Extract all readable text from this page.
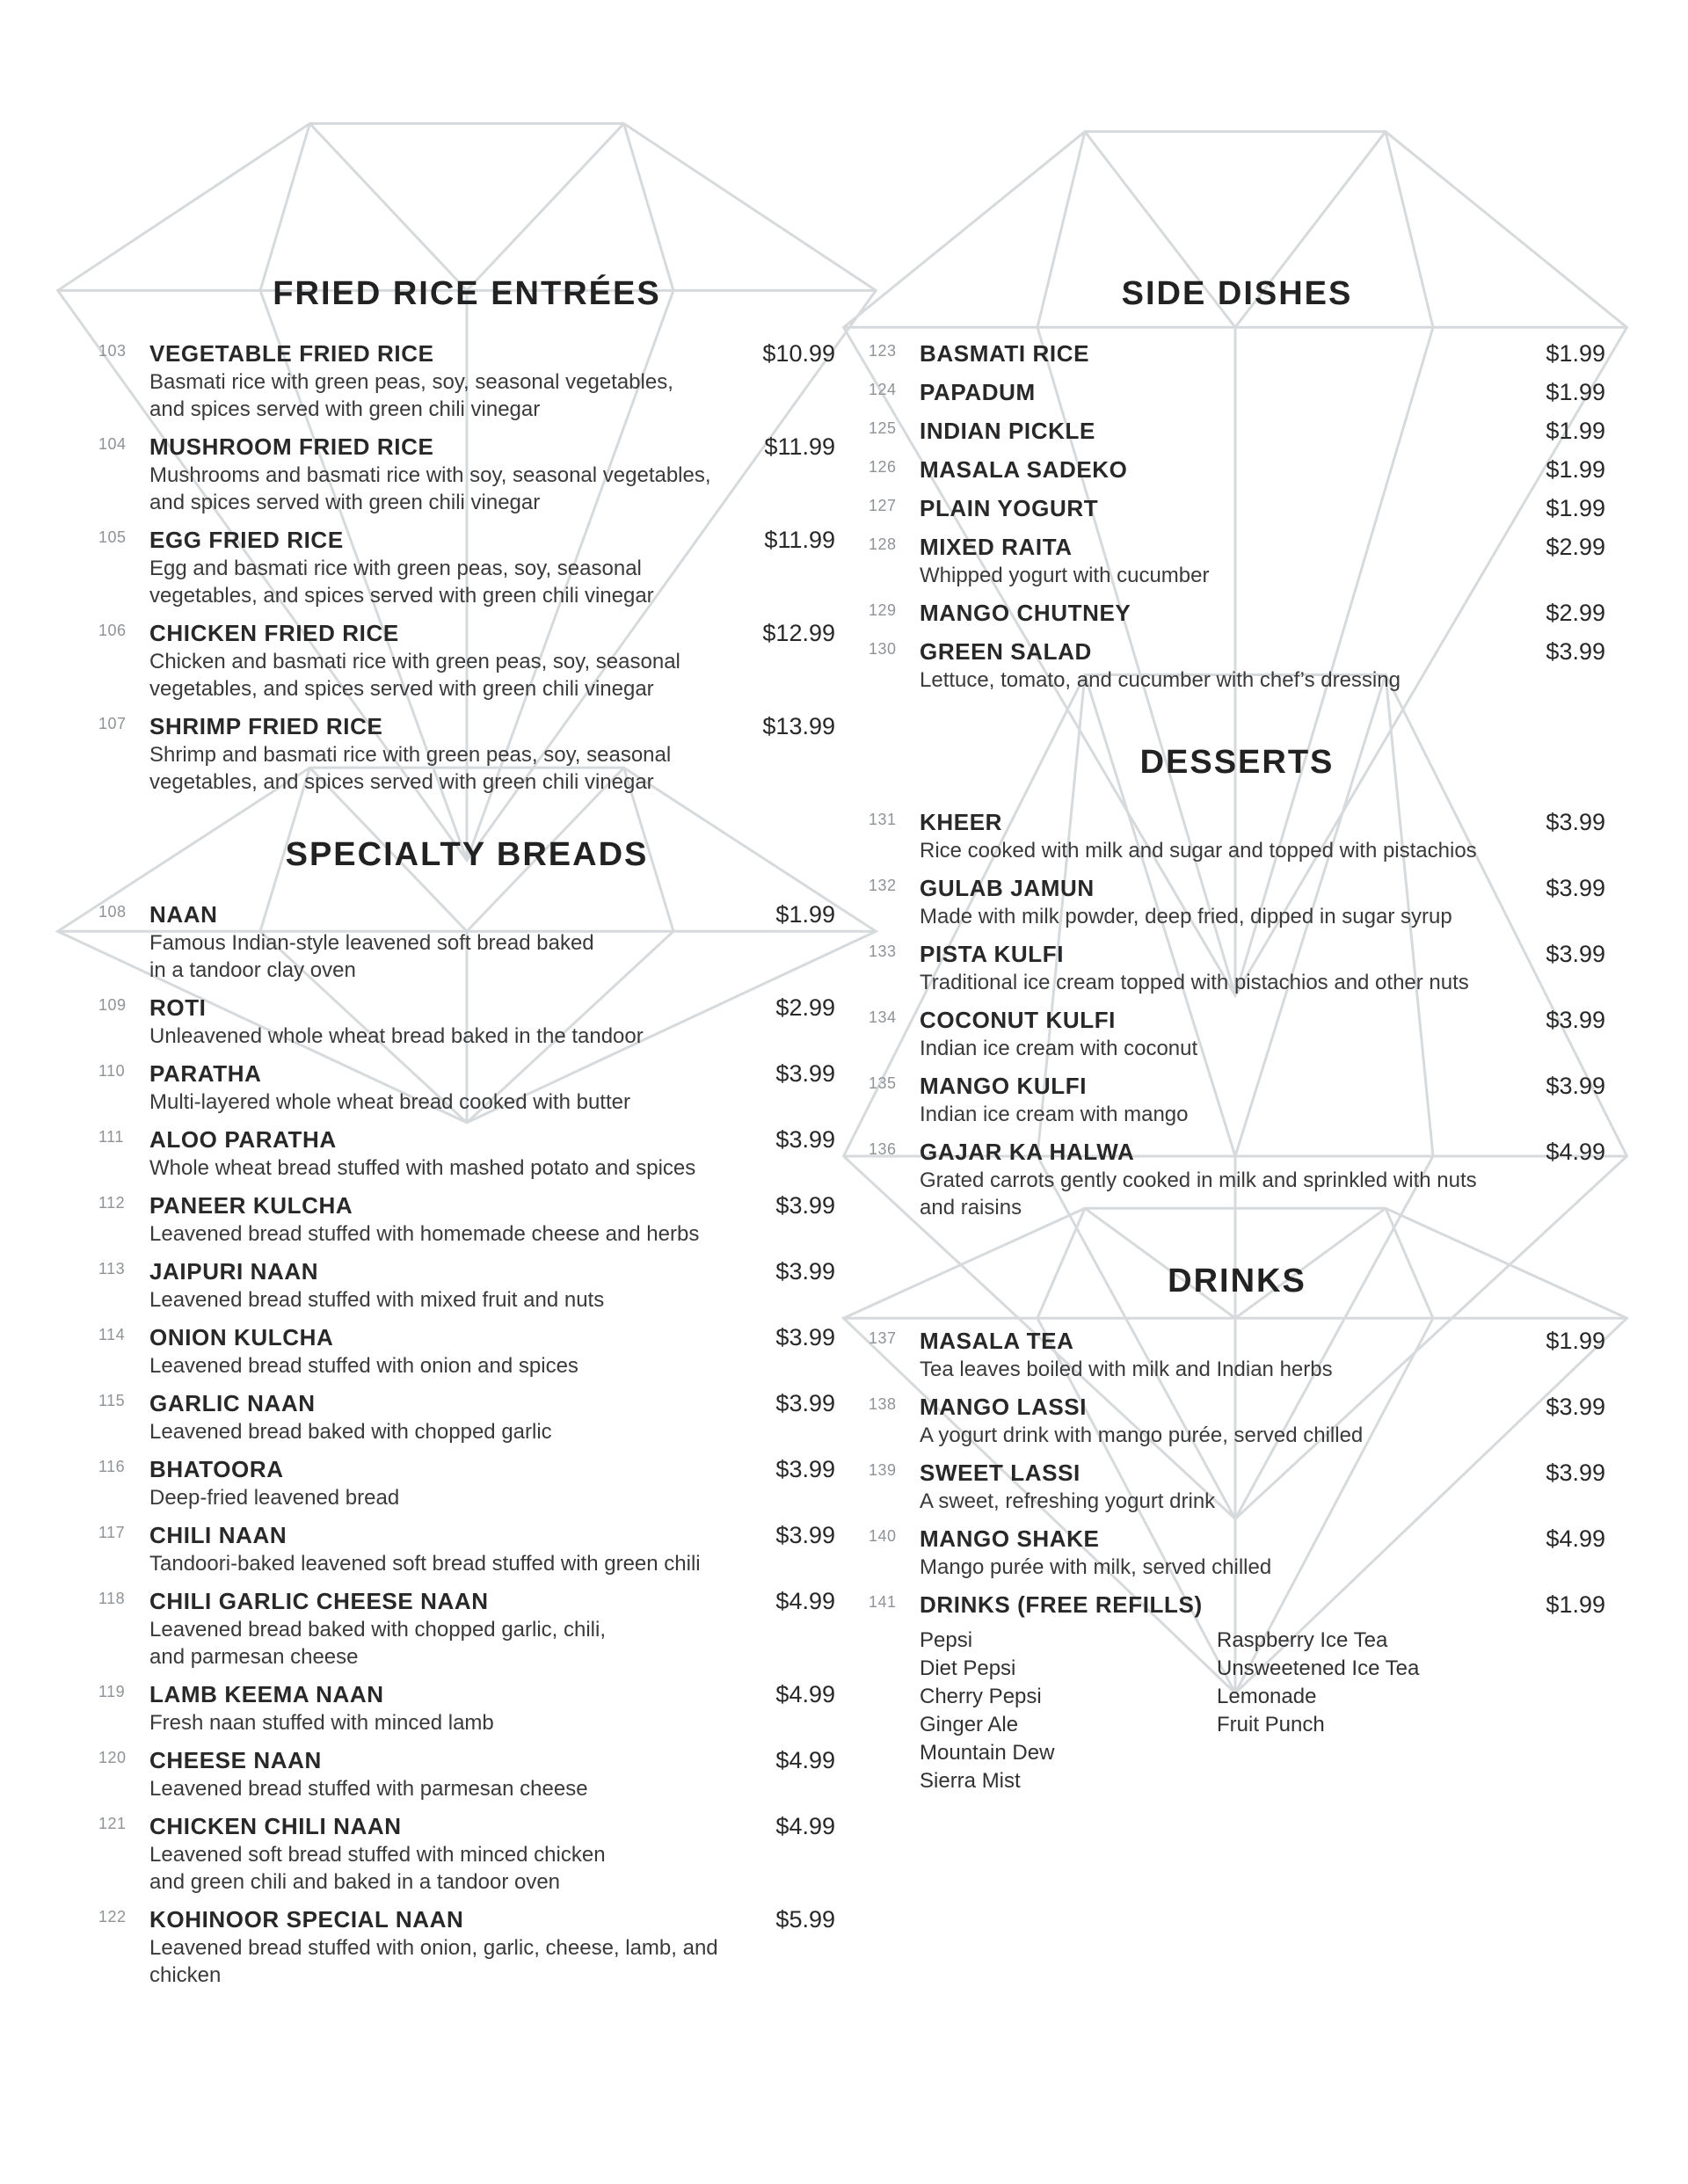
FRIED RICE ENTRÉES
103 VEGETABLE FRIED RICE	$10.99
Basmati rice with green peas, soy, seasonal vegetables,
and spices served with green chili vinegar
104 MUSHROOM FRIED RICE	$11.99
Mushrooms and basmati rice with soy, seasonal vegetables,
and spices served with green chili vinegar
105 EGG FRIED RICE	$11.99
Egg and basmati rice with green peas, soy, seasonal
vegetables, and spices served with green chili vinegar
106 CHICKEN FRIED RICE	$12.99
Chicken and basmati rice with green peas, soy, seasonal
vegetables, and spices served with green chili vinegar
107 SHRIMP FRIED RICE	$13.99
Shrimp and basmati rice with green peas, soy, seasonal
vegetables, and spices served with green chili vinegar
SPECIALTY BREADS
108 NAAN	$1.99
Famous Indian-style leavened soft bread baked
in a tandoor clay oven
109 ROTI	$2.99
Unleavened whole wheat bread baked in the tandoor
110 PARATHA	$3.99
Multi-layered whole wheat bread cooked with butter
111 ALOO PARATHA	$3.99
Whole wheat bread stuffed with mashed potato and spices
112 PANEER KULCHA	$3.99
Leavened bread stuffed with homemade cheese and herbs
113 JAIPURI NAAN	$3.99
Leavened bread stuffed with mixed fruit and nuts
114 ONION KULCHA	$3.99
Leavened bread stuffed with onion and spices
115 GARLIC NAAN	$3.99
Leavened bread baked with chopped garlic
116 BHATOORA	$3.99
Deep-fried leavened bread
117 CHILI NAAN	$3.99
Tandoori-baked leavened soft bread stuffed with green chili
118 CHILI GARLIC CHEESE NAAN	$4.99
Leavened bread baked with chopped garlic, chili,
and parmesan cheese
119 LAMB KEEMA NAAN	$4.99
Fresh naan stuffed with minced lamb
120 CHEESE NAAN	$4.99
Leavened bread stuffed with parmesan cheese
121 CHICKEN CHILI NAAN	$4.99
Leavened soft bread stuffed with minced chicken
and green chili and baked in a tandoor oven
122 KOHINOOR SPECIAL NAAN	$5.99
Leavened bread stuffed with onion, garlic, cheese, lamb, and
chicken
SIDE DISHES
123 BASMATI RICE	$1.99
124 PAPADUM	$1.99
125 INDIAN PICKLE	$1.99
126 MASALA SADEKO	$1.99
127 PLAIN YOGURT	$1.99
128 MIXED RAITA	$2.99
Whipped yogurt with cucumber
129 MANGO CHUTNEY	$2.99
130 GREEN SALAD	$3.99
Lettuce, tomato, and cucumber with chef’s dressing
DESSERTS
131 KHEER	$3.99
Rice cooked with milk and sugar and topped with pistachios
132 GULAB JAMUN	$3.99
Made with milk powder, deep fried, dipped in sugar syrup
133 PISTA KULFI	$3.99
Traditional ice cream topped with pistachios and other nuts
134 COCONUT KULFI	$3.99
Indian ice cream with coconut
135 MANGO KULFI	$3.99
Indian ice cream with mango
136 GAJAR KA HALWA	$4.99
Grated carrots gently cooked in milk and sprinkled with nuts
and raisins
DRINKS
137 MASALA TEA	$1.99
Tea leaves boiled with milk and Indian herbs
138 MANGO LASSI	$3.99
A yogurt drink with mango purée, served chilled
139 SWEET LASSI	$3.99
A sweet, refreshing yogurt drink
140 MANGO SHAKE	$4.99
Mango purée with milk, served chilled
141 DRINKS (FREE REFILLS)	$1.99
Pepsi
Diet Pepsi
Cherry Pepsi
Ginger Ale
Mountain Dew
Sierra Mist
Raspberry Ice Tea
Unsweetened Ice Tea
Lemonade
Fruit Punch
